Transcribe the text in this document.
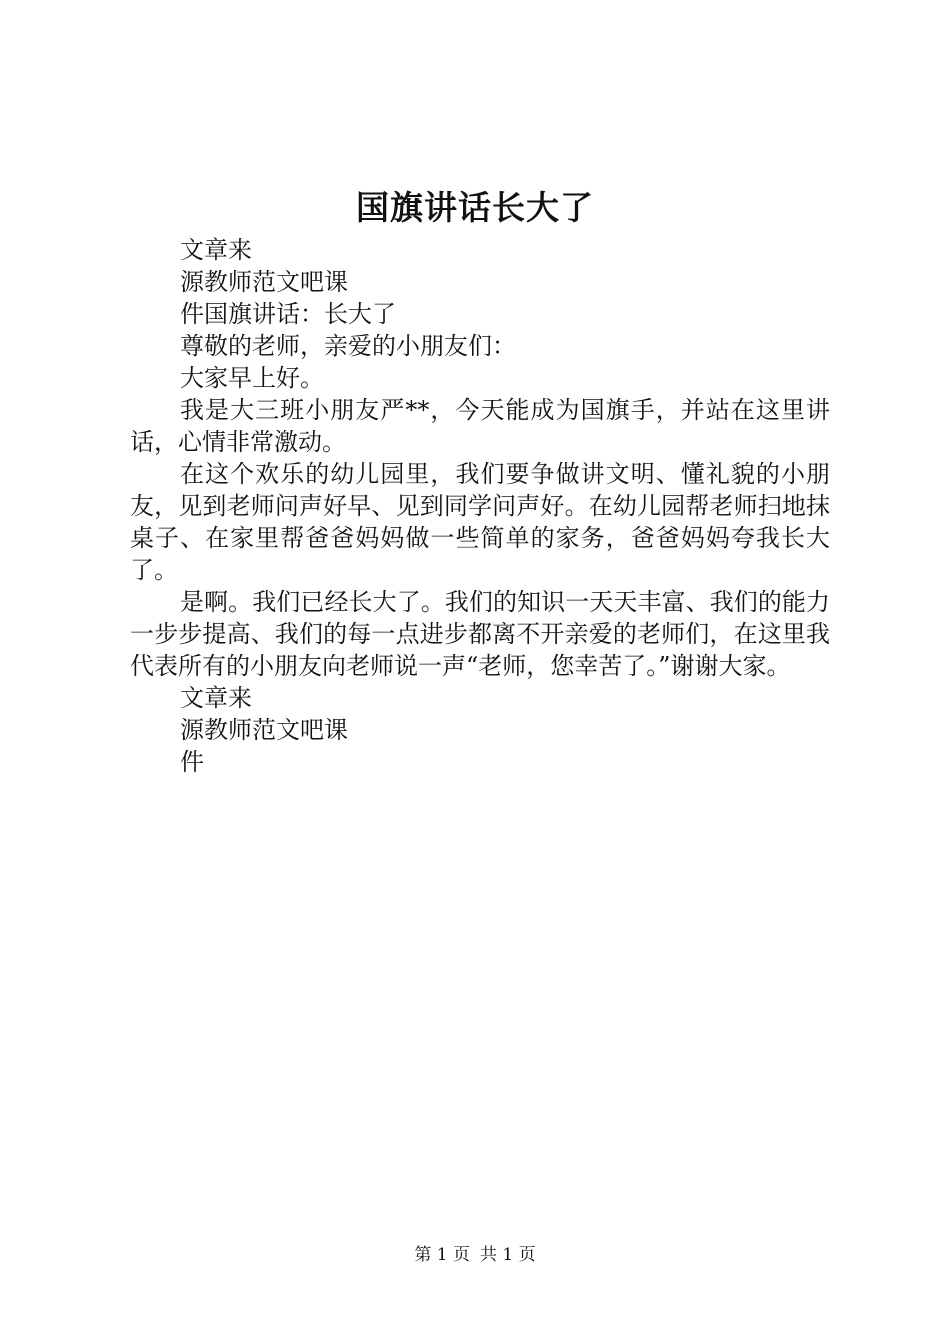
国旗讲话长大了

文章来

源教师范文吧课

件国旗讲话：长大了

尊敬的老师，亲爱的小朋友们：

大家早上好。

我是大三班小朋友严**，今天能成为国旗手，并站在这里讲话，心情非常激动。

在这个欢乐的幼儿园里，我们要争做讲文明、懂礼貌的小朋友，见到老师问声好早、见到同学问声好。在幼儿园帮老师扫地抹桌子、在家里帮爸爸妈妈做一些简单的家务，爸爸妈妈夸我长大了。

是啊。我们已经长大了。我们的知识一天天丰富、我们的能力一步步提高、我们的每一点进步都离不开亲爱的老师们，在这里我代表所有的小朋友向老师说一声“老师，您幸苦了。”谢谢大家。

文章来

源教师范文吧课

件

第 1 页 共 1 页
